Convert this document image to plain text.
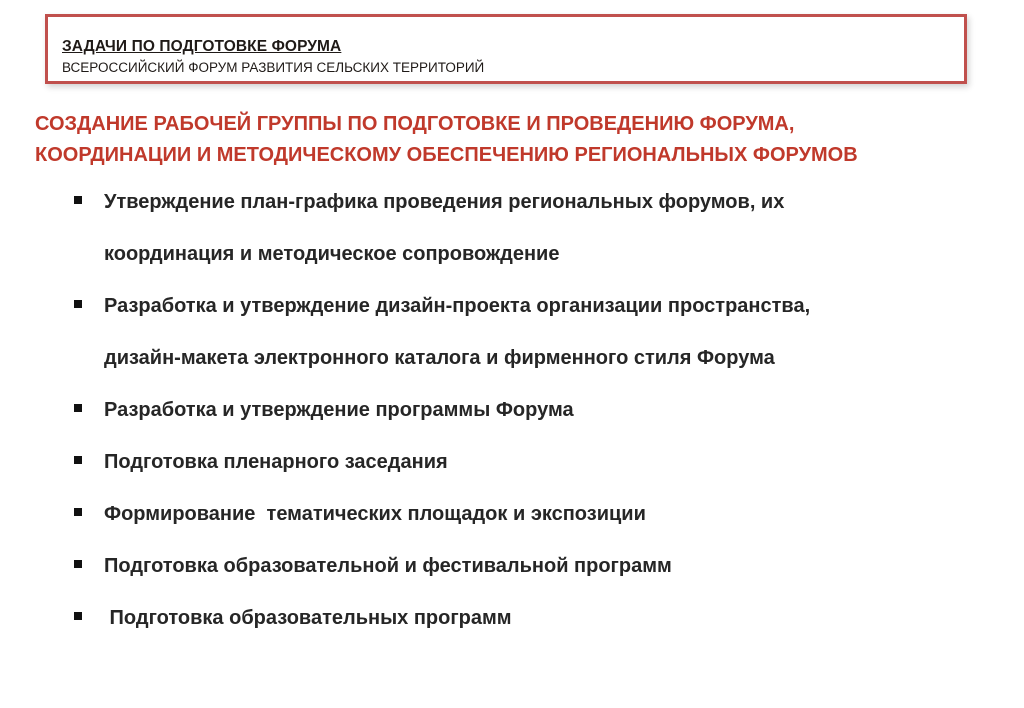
ЗАДАЧИ ПО ПОДГОТОВКЕ ФОРУМА
ВСЕРОССИЙСКИЙ ФОРУМ РАЗВИТИЯ СЕЛЬСКИХ ТЕРРИТОРИЙ
СОЗДАНИЕ РАБОЧЕЙ ГРУППЫ ПО ПОДГОТОВКЕ И ПРОВЕДЕНИЮ ФОРУМА,
КООРДИНАЦИИ И МЕТОДИЧЕСКОМУ ОБЕСПЕЧЕНИЮ РЕГИОНАЛЬНЫХ ФОРУМОВ
Утверждение план-графика проведения региональных форумов, их
координация и методическое сопровождение
Разработка и утверждение дизайн-проекта организации пространства,
дизайн-макета электронного каталога и фирменного стиля Форума
Разработка и утверждение программы Форума
Подготовка пленарного заседания
Формирование  тематических площадок и экспозиции
Подготовка образовательной и фестивальной программ
Подготовка образовательных программ
